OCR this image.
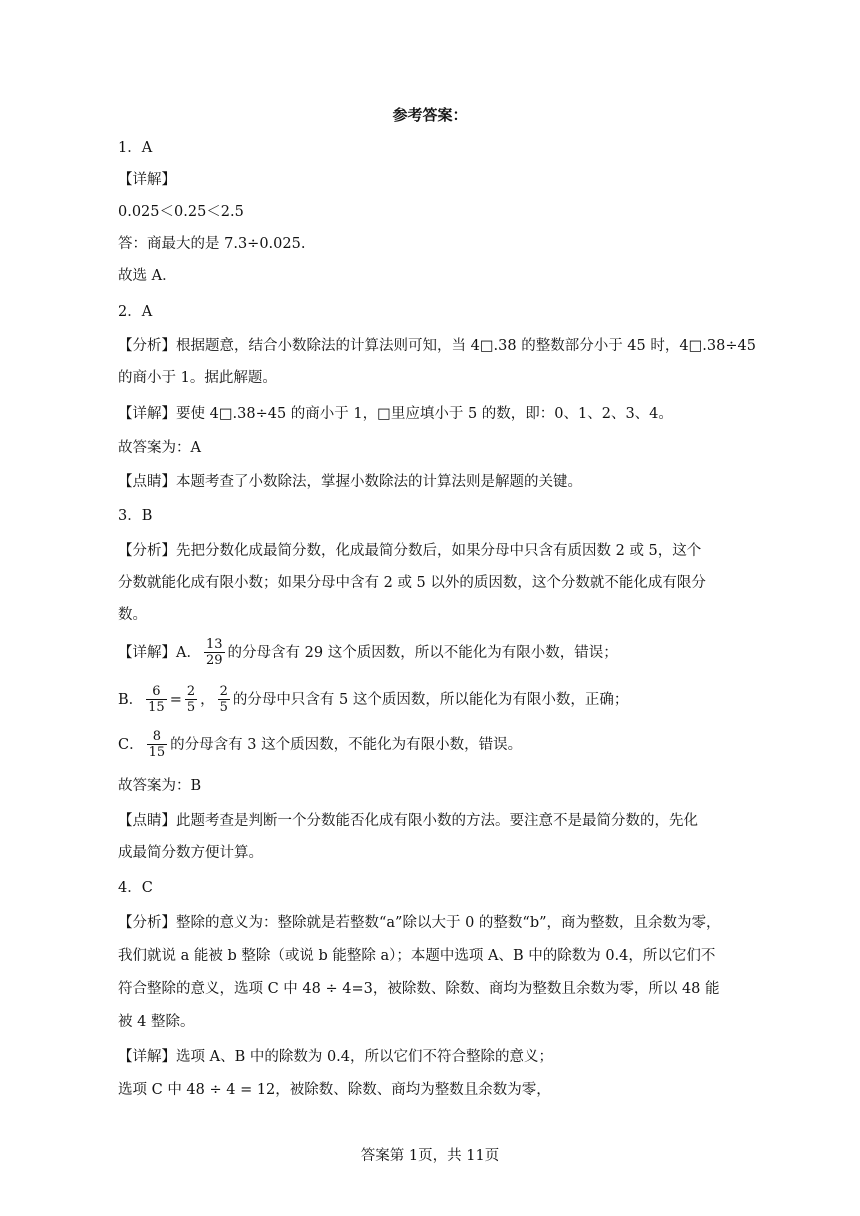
参考答案：
1．A
【详解】
0.025＜0.25＜2.5
答：商最大的是 7.3÷0.025.
故选 A．
2．A
【分析】根据题意，结合小数除法的计算法则可知，当 4□.38 的整数部分小于 45 时，4□.38÷45
的商小于 1。据此解题。
【详解】要使 4□.38÷45 的商小于 1，□里应填小于 5 的数，即：0、1、2、3、4。
故答案为：A
【点睛】本题考查了小数除法，掌握小数除法的计算法则是解题的关键。
3．B
【分析】先把分数化成最简分数，化成最简分数后，如果分母中只含有质因数 2 或 5，这个
分数就能化成有限小数；如果分母中含有 2 或 5 以外的质因数，这个分数就不能化成有限分
数。
【详解】A． $\frac{13}{29}$ 的分母含有 29 这个质因数，所以不能化为有限小数，错误；
B． $\frac{6}{15} = \frac{2}{5}$ ， $\frac{2}{5}$ 的分母中只含有 5 这个质因数，所以能化为有限小数，正确；
C． $\frac{8}{15}$ 的分母含有 3 这个质因数，不能化为有限小数，错误。
故答案为：B
【点睛】此题考查是判断一个分数能否化成有限小数的方法。要注意不是最简分数的，先化
成最简分数方便计算。
4．C
【分析】整除的意义为：整除就是若整数“a”除以大于 0 的整数“b”，商为整数，且余数为零，
我们就说 a 能被 b 整除（或说 b 能整除 a）；本题中选项 A、B 中的除数为 0.4，所以它们不
符合整除的意义，选项 C 中 48 ÷ 4=3，被除数、除数、商均为整数且余数为零，所以 48 能
被 4 整除。
【详解】选项 A、B 中的除数为 0.4，所以它们不符合整除的意义；
选项 C 中 48 ÷ 4 = 12，被除数、除数、商均为整数且余数为零，
答案第 1页，共 11页
